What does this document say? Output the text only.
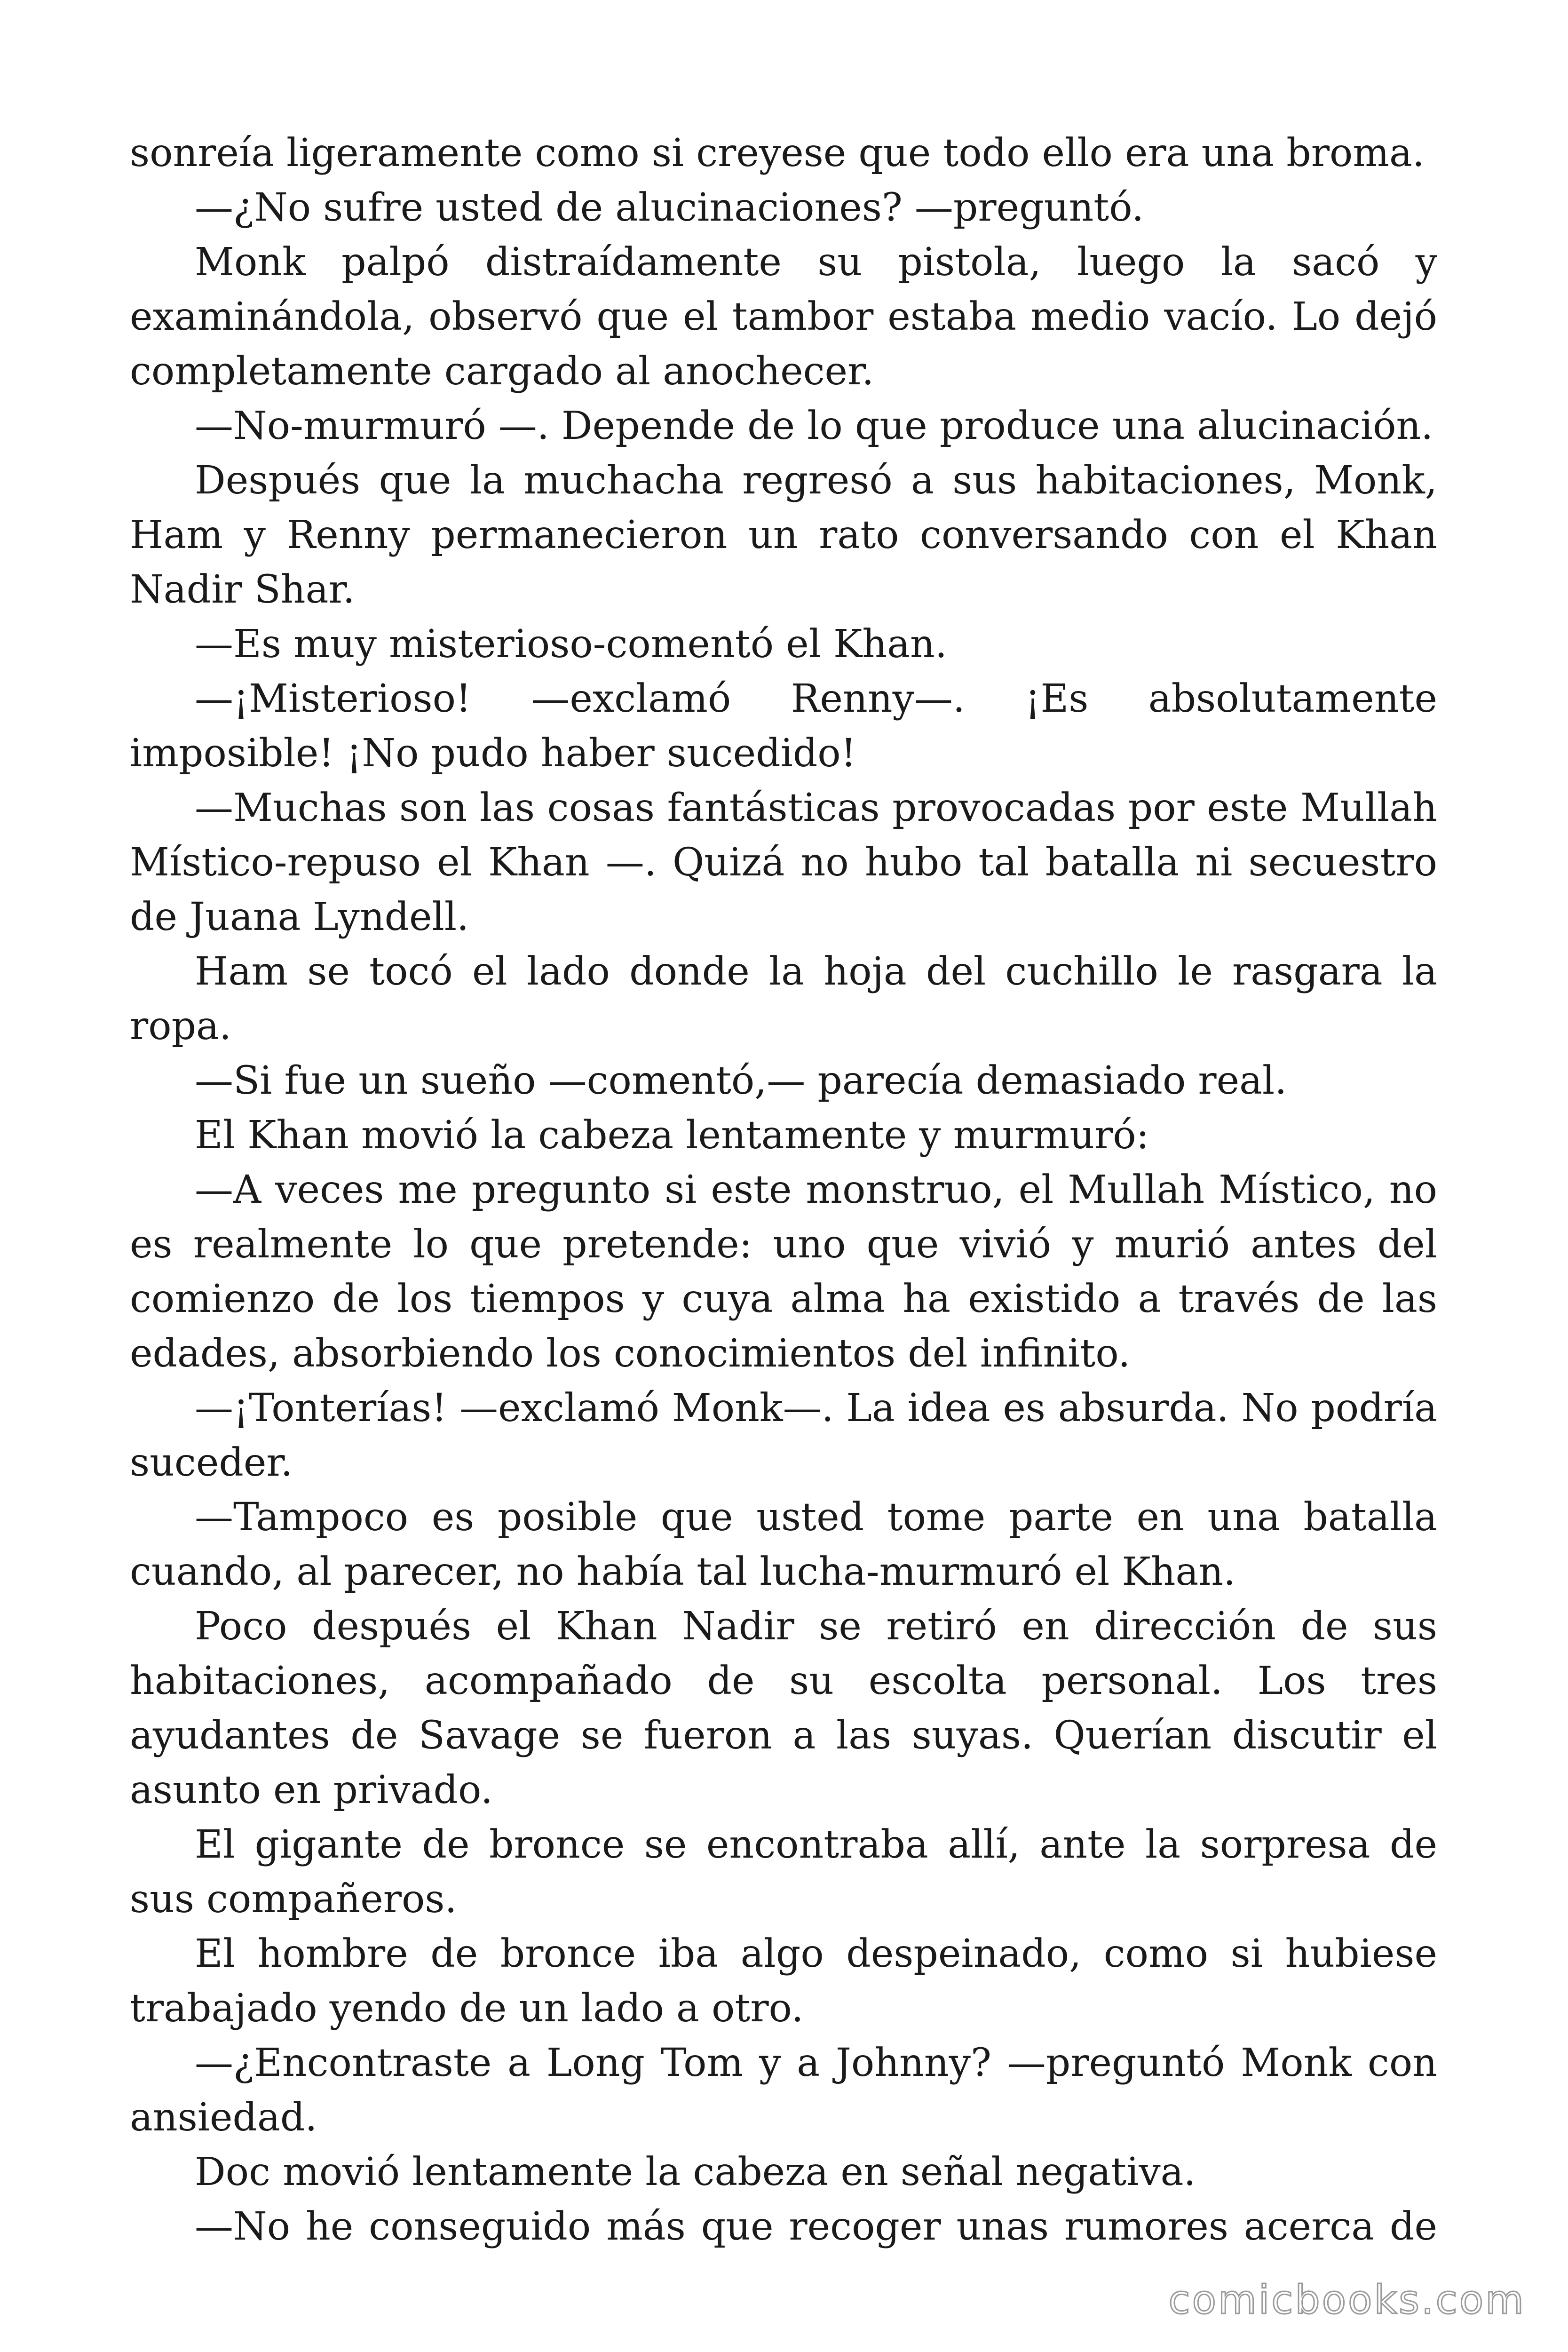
sonreía ligeramente como si creyese que todo ello era una broma.

—¿No sufre usted de alucinaciones? —preguntó.

Monk palpó distraídamente su pistola, luego la sacó y examinándola, observó que el tambor estaba medio vacío. Lo dejó completamente cargado al anochecer.

—No-murmuró —. Depende de lo que produce una alucinación.

Después que la muchacha regresó a sus habitaciones, Monk, Ham y Renny permanecieron un rato conversando con el Khan Nadir Shar.

—Es muy misterioso-comentó el Khan.

—¡Misterioso! —exclamó Renny—. ¡Es absolutamente imposible! ¡No pudo haber sucedido!

—Muchas son las cosas fantásticas provocadas por este Mullah Místico-repuso el Khan —. Quizá no hubo tal batalla ni secuestro de Juana Lyndell.

Ham se tocó el lado donde la hoja del cuchillo le rasgara la ropa.

—Si fue un sueño —comentó,— parecía demasiado real.

El Khan movió la cabeza lentamente y murmuró:

—A veces me pregunto si este monstruo, el Mullah Místico, no es realmente lo que pretende: uno que vivió y murió antes del comienzo de los tiempos y cuya alma ha existido a través de las edades, absorbiendo los conocimientos del infinito.

—¡Tonterías! —exclamó Monk—. La idea es absurda. No podría suceder.

—Tampoco es posible que usted tome parte en una batalla cuando, al parecer, no había tal lucha-murmuró el Khan.

Poco después el Khan Nadir se retiró en dirección de sus habitaciones, acompañado de su escolta personal. Los tres ayudantes de Savage se fueron a las suyas. Querían discutir el asunto en privado.

El gigante de bronce se encontraba allí, ante la sorpresa de sus compañeros.

El hombre de bronce iba algo despeinado, como si hubiese trabajado yendo de un lado a otro.

—¿Encontraste a Long Tom y a Johnny? —preguntó Monk con ansiedad.

Doc movió lentamente la cabeza en señal negativa.

—No he conseguido más que recoger unas rumores acerca de

comicbooks.com
